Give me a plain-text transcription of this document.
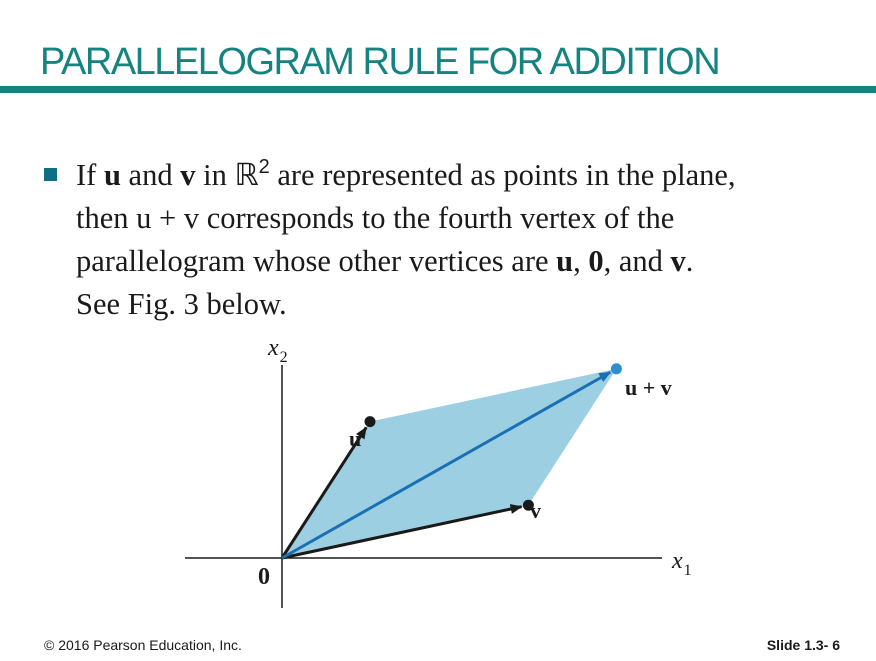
PARALLELOGRAM RULE FOR ADDITION
If u and v in ℝ$^2$ are represented as points in the plane,
then u + v corresponds to the fourth vertex of the
parallelogram whose other vertices are u, 0, and v.
See Fig. 3 below.
$x_2$
$x_1$
0
u
v
u + v
© 2016 Pearson Education, Inc.	Slide 1.3- 6
